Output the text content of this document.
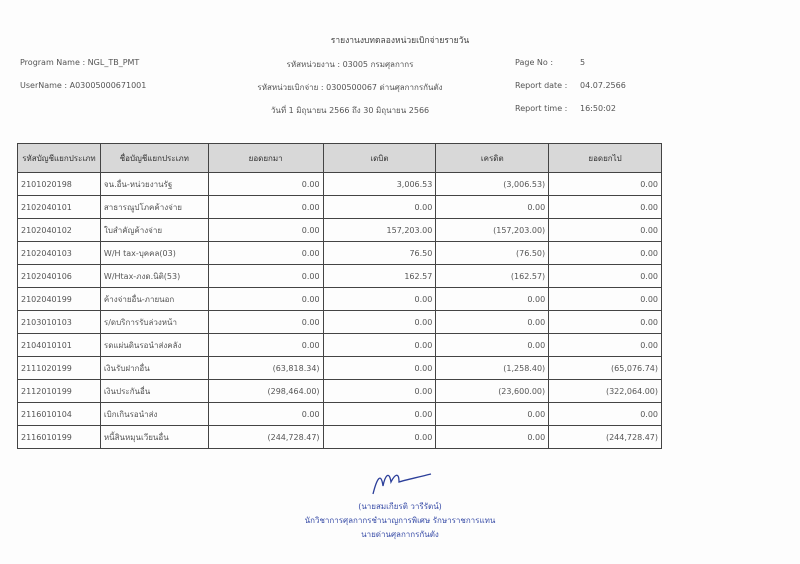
รายงานงบทดลองหน่วยเบิกจ่ายรายวัน
Program Name : NGL_TB_PMT
UserName : A03005000671001
รหัสหน่วยงาน : 03005 กรมศุลกากร
รหัสหน่วยเบิกจ่าย : 0300500067 ด่านศุลกากรกันตัง
วันที่ 1 มิถุนายน 2566 ถึง 30 มิถุนายน 2566
Page No :	5
Report date : 04.07.2566
Report time : 16:50:02
รหัสบัญชีแยกประเภท	ชื่อบัญชีแยกประเภท	ยอดยกมา	เดบิต	เครดิต	ยอดยกไป
2101020198	จน.อื่น-หน่วยงานรัฐ	0.00	3,006.53	(3,006.53)	0.00
2102040101	สาธารณูปโภคค้างจ่าย	0.00	0.00	0.00	0.00
2102040102	ใบสำคัญค้างจ่าย	0.00	157,203.00	(157,203.00)	0.00
2102040103	W/H tax-บุคคล(03)	0.00	76.50	(76.50)	0.00
2102040106	W/Htax-ภงด.นิติ(53)	0.00	162.57	(162.57)	0.00
2102040199	ค้างจ่ายอื่น-ภายนอก	0.00	0.00	0.00	0.00
2103010103	ร/ดบริการรับล่วงหน้า	0.00	0.00	0.00	0.00
2104010101	รดแผ่นดินรอนำส่งคลัง	0.00	0.00	0.00	0.00
2111020199	เงินรับฝากอื่น	(63,818.34)	0.00	(1,258.40)	(65,076.74)
2112010199	เงินประกันอื่น	(298,464.00)	0.00	(23,600.00)	(322,064.00)
2116010104	เบิกเกินรอนำส่ง	0.00	0.00	0.00	0.00
2116010199	หนี้สินหมุนเวียนอื่น	(244,728.47)	0.00	0.00	(244,728.47)
(นายสมเกียรติ วารีรัตน์)
นักวิชาการศุลกากรชำนาญการพิเศษ รักษาราชการแทน
นายด่านศุลกากรกันตัง
